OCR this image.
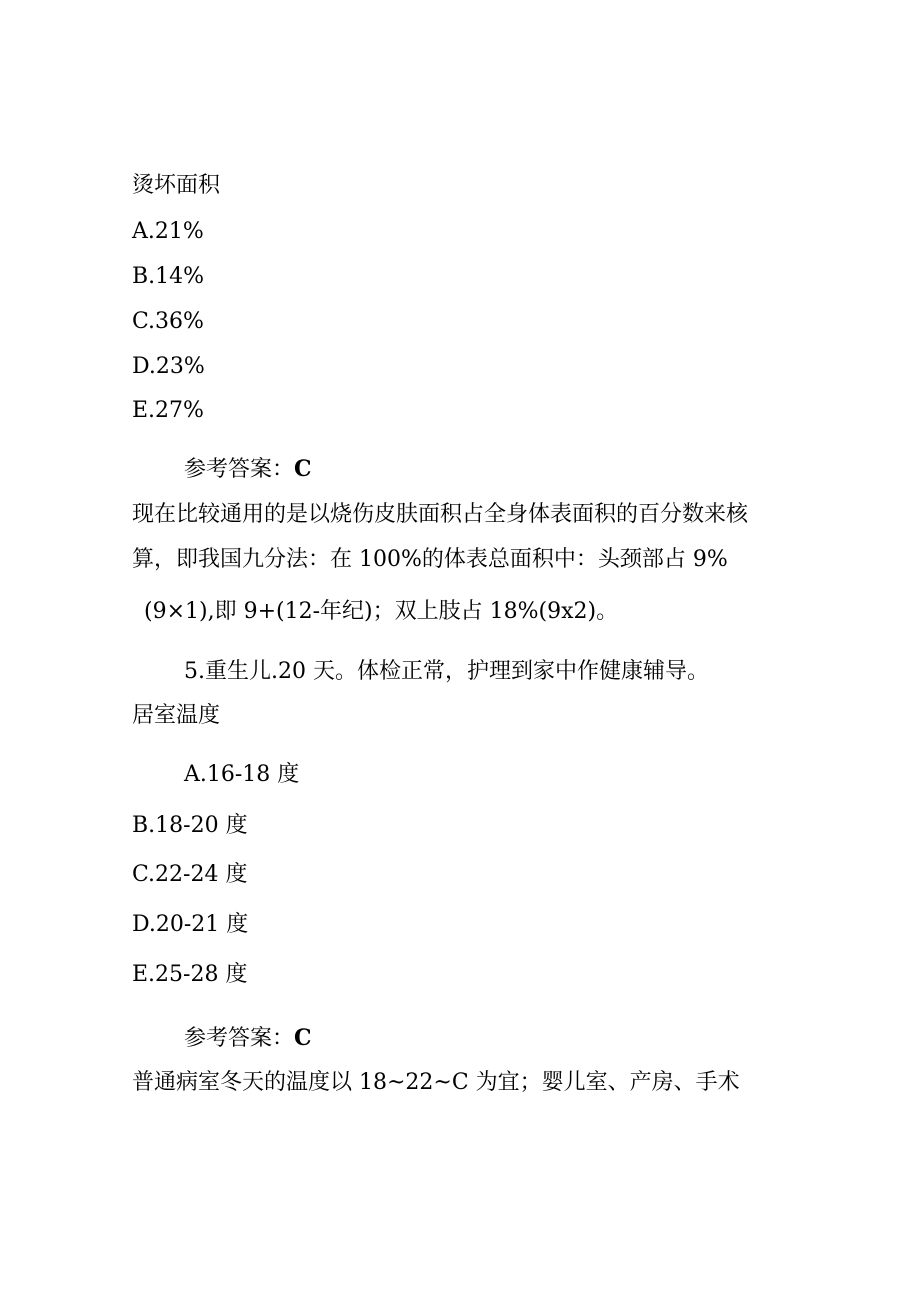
烫坏面积
A.21%
B.14%
C.36%
D.23%
E.27%
参考答案：C
现在比较通用的是以烧伤皮肤面积占全身体表面积的百分数来核
算，即我国九分法：在 100%的体表总面积中：头颈部占 9%
(9×1),即 9+(12-年纪)；双上肢占 18%(9x2)。
5.重生儿.20 天。体检正常，护理到家中作健康辅导。
居室温度
A.16-18 度
B.18-20 度
C.22-24 度
D.20-21 度
E.25-28 度
参考答案：C
普通病室冬天的温度以 18~22~C 为宜；婴儿室、产房、手术
